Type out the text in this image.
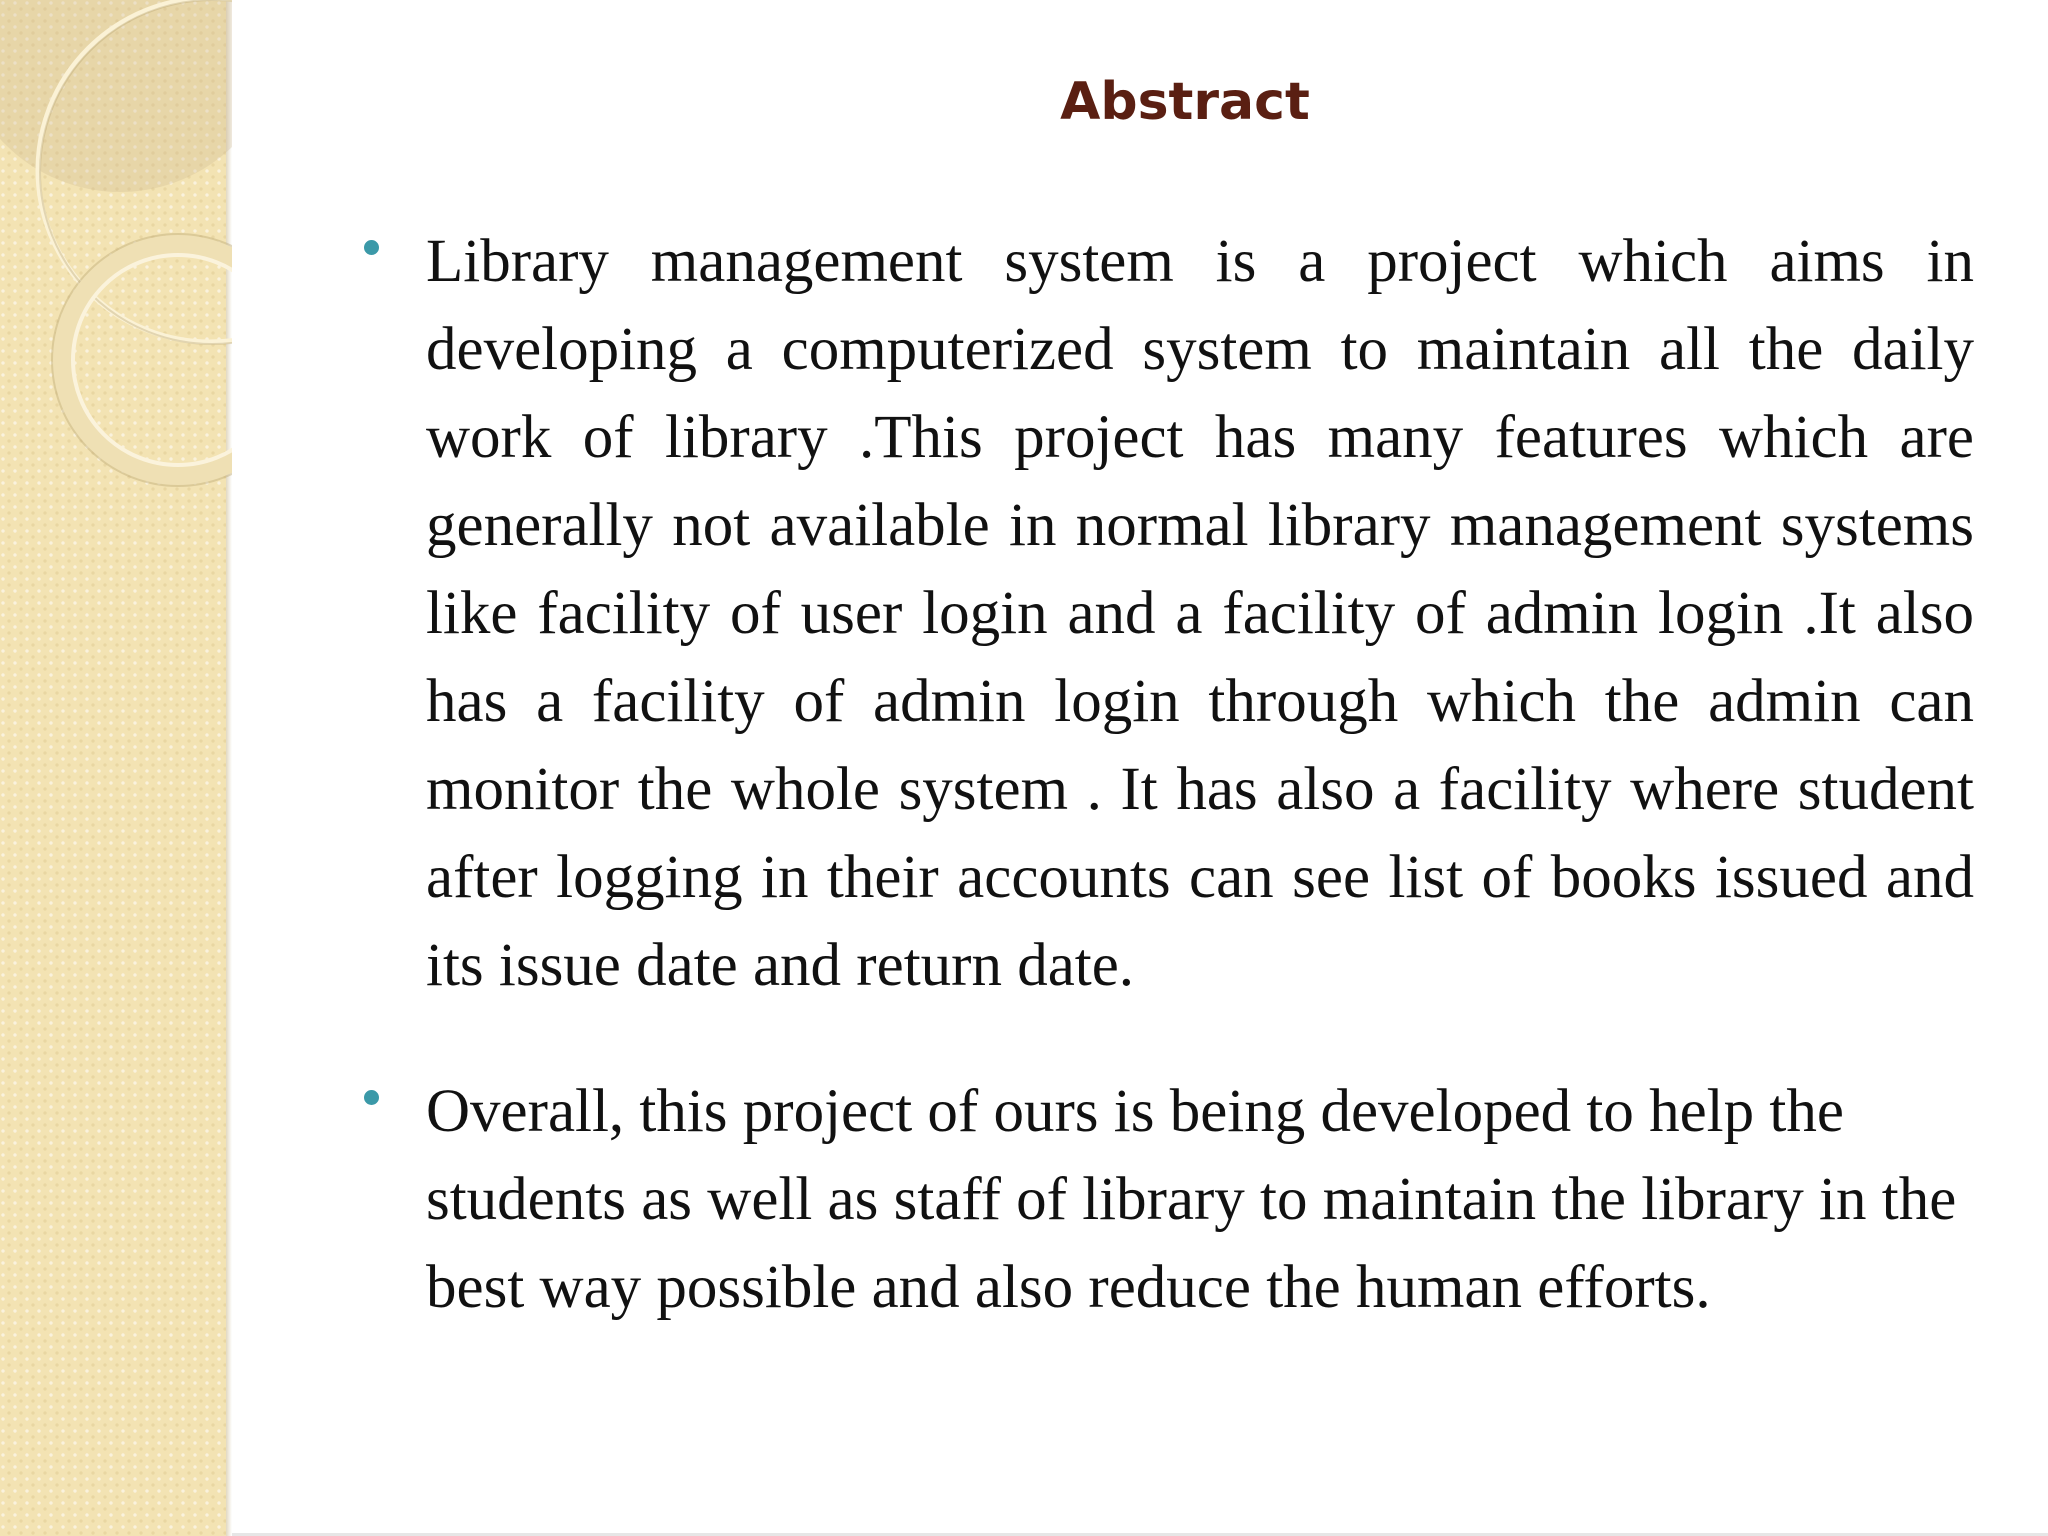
Abstract
Library management system is a project which aims in developing a computerized system to maintain all the daily work of library .This project has many features which are generally not available in normal library management systems like facility of user login and a facility of admin login .It also has a facility of admin login through which the admin can monitor the whole system . It has also a facility where student after logging in their accounts can see list of books issued and its issue date and return date.
Overall, this project of ours is being developed to help the students as well as staff of library to maintain the library in the best way possible and also reduce the human efforts.
